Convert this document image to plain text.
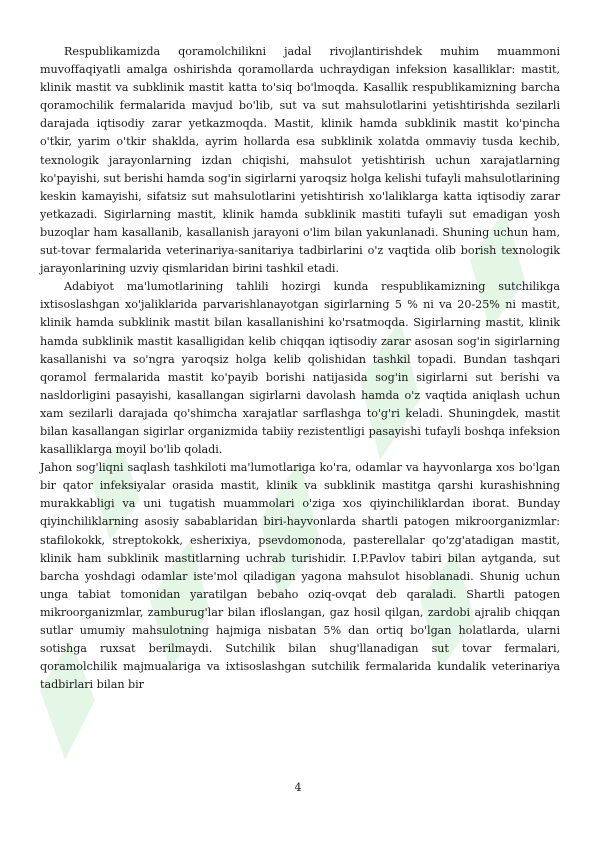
Respublikamizda qoramolchilikni jadal rivojlantirishdek muhim muammoni muvoffaqiyatli amalga oshirishda qoramollarda uchraydigan infeksion kasalliklar: mastit, klinik mastit va subklinik mastit katta to'siq bo'lmoqda. Kasallik respublikamizning barcha qoramochilik fermalarida mavjud bo'lib, sut va sut mahsulotlarini yetishtirishda sezilarli darajada iqtisodiy zarar yetkazmoqda. Mastit, klinik hamda subklinik mastit ko'pincha o'tkir, yarim o'tkir shaklda, ayrim hollarda esa subklinik xolatda ommaviy tusda kechib, texnologik jarayonlarning izdan chiqishi, mahsulot yetishtirish uchun xarajatlarning ko'payishi, sut berishi hamda sog'in sigirlarni yaroqsiz holga kelishi tufayli mahsulotlarining keskin kamayishi, sifatsiz sut mahsulotlarini yetishtirish xo'laliklarga katta iqtisodiy zarar yetkazadi. Sigirlarning mastit, klinik hamda subklinik mastiti tufayli sut emadigan yosh buzoqlar ham kasallanib, kasallanish jarayoni o'lim bilan yakunlanadi. Shuning uchun ham, sut-tovar fermalarida veterinariya-sanitariya tadbirlarini o'z vaqtida olib borish texnologik jarayonlarining uzviy qismlaridan birini tashkil etadi.

Adabiyot ma'lumotlarining tahlili hozirgi kunda respublikamizning sutchilikga ixtisoslashgan xo'jaliklarida parvarishlanayotgan sigirlarning 5 % ni va 20-25% ni mastit, klinik hamda subklinik mastit bilan kasallanishini ko'rsatmoqda. Sigirlarning mastit, klinik hamda subklinik mastit kasalligidan kelib chiqqan iqtisodiy zarar asosan sog'in sigirlarning kasallanishi va so'ngra yaroqsiz holga kelib qolishidan tashkil topadi. Bundan tashqari qoramol fermalarida mastit ko'payib borishi natijasida sog'in sigirlarni sut berishi va nasldorligini pasayishi, kasallangan sigirlarni davolash hamda o'z vaqtida aniqlash uchun xam sezilarli darajada qo'shimcha xarajatlar sarflashga to'g'ri keladi. Shuningdek, mastit bilan kasallangan sigirlar organizmida tabiiy rezistentligi pasayishi tufayli boshqa infeksion kasalliklarga moyil bo'lib qoladi.

Jahon sog'liqni saqlash tashkiloti ma'lumotlariga ko'ra, odamlar va hayvonlarga xos bo'lgan bir qator infeksiyalar orasida mastit, klinik va subklinik mastitga qarshi kurashishning murakkabligi va uni tugatish muammolari o'ziga xos qiyinchiliklardan iborat. Bunday qiyinchiliklarning asosiy sabablaridan biri-hayvonlarda shartli patogen mikroorganizmlar: stafilokokk, streptokokk, esherixiya, psevdomonoda, pasterellalar qo'zg'atadigan mastit, klinik ham subklinik mastitlarning uchrab turishidir. I.P.Pavlov tabiri bilan aytganda, sut barcha yoshdagi odamlar iste'mol qiladigan yagona mahsulot hisoblanadi. Shunig uchun unga tabiat tomonidan yaratilgan bebaho oziq-ovqat deb qaraladi. Shartli patogen mikroorganizmlar, zamburug'lar bilan ifloslangan, gaz hosil qilgan, zardobi ajralib chiqqan sutlar umumiy mahsulotning hajmiga nisbatan 5% dan ortiq bo'lgan holatlarda, ularni sotishga ruxsat berilmaydi. Sutchilik bilan shug'llanadigan sut tovar fermalari, qoramolchilik majmualariga va ixtisoslashgan sutchilik fermalarida kundalik veterinariya tadbirlari bilan bir

4
